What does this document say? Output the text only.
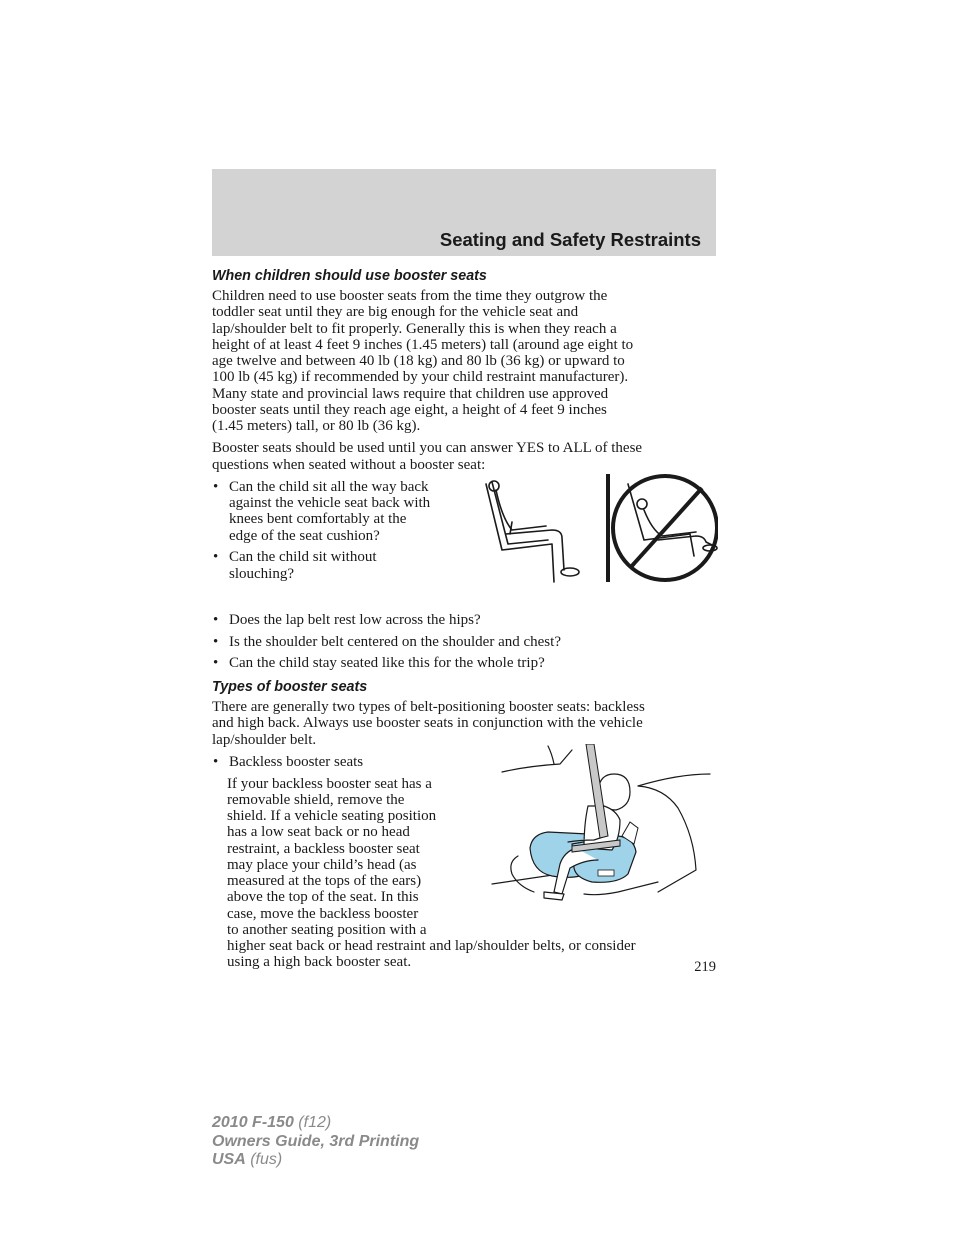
Seating and Safety Restraints
When children should use booster seats
Children need to use booster seats from the time they outgrow the
toddler seat until they are big enough for the vehicle seat and
lap/shoulder belt to fit properly. Generally this is when they reach a
height of at least 4 feet 9 inches (1.45 meters) tall (around age eight to
age twelve and between 40 lb (18 kg) and 80 lb (36 kg) or upward to
100 lb (45 kg) if recommended by your child restraint manufacturer).
Many state and provincial laws require that children use approved
booster seats until they reach age eight, a height of 4 feet 9 inches
(1.45 meters) tall, or 80 lb (36 kg).
Booster seats should be used until you can answer YES to ALL of these
questions when seated without a booster seat:
• Can the child sit all the way back
against the vehicle seat back with
knees bent comfortably at the
edge of the seat cushion?
• Can the child sit without
slouching?
• Does the lap belt rest low across the hips?
• Is the shoulder belt centered on the shoulder and chest?
• Can the child stay seated like this for the whole trip?
Types of booster seats
There are generally two types of belt-positioning booster seats: backless
and high back. Always use booster seats in conjunction with the vehicle
lap/shoulder belt.
• Backless booster seats
If your backless booster seat has a
removable shield, remove the
shield. If a vehicle seating position
has a low seat back or no head
restraint, a backless booster seat
may place your child’s head (as
measured at the tops of the ears)
above the top of the seat. In this
case, move the backless booster
to another seating position with a
higher seat back or head restraint and lap/shoulder belts, or consider
using a high back booster seat.	219
2010 F-150 (f12)
Owners Guide, 3rd Printing
USA (fus)
